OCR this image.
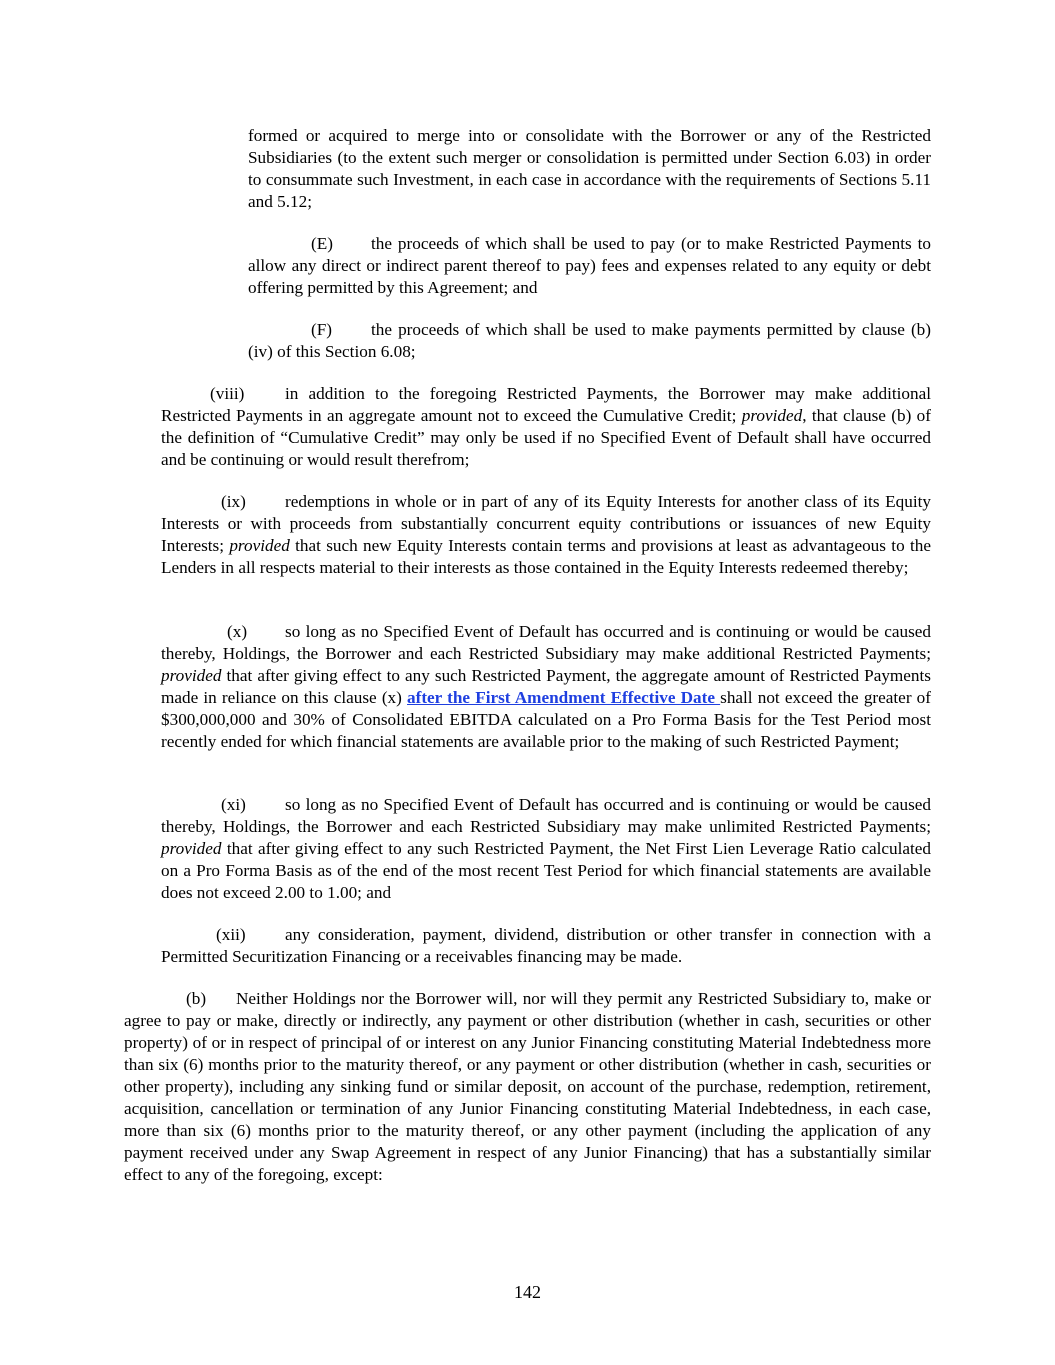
formed or acquired to merge into or consolidate with the Borrower or any of the Restricted Subsidiaries (to the extent such merger or consolidation is permitted under Section 6.03) in order to consummate such Investment, in each case in accordance with the requirements of Sections 5.11 and 5.12;

(E) the proceeds of which shall be used to pay (or to make Restricted Payments to allow any direct or indirect parent thereof to pay) fees and expenses related to any equity or debt offering permitted by this Agreement; and

(F) the proceeds of which shall be used to make payments permitted by clause (b)(iv) of this Section 6.08;

(viii) in addition to the foregoing Restricted Payments, the Borrower may make additional Restricted Payments in an aggregate amount not to exceed the Cumulative Credit; provided, that clause (b) of the definition of “Cumulative Credit” may only be used if no Specified Event of Default shall have occurred and be continuing or would result therefrom;

(ix) redemptions in whole or in part of any of its Equity Interests for another class of its Equity Interests or with proceeds from substantially concurrent equity contributions or issuances of new Equity Interests; provided that such new Equity Interests contain terms and provisions at least as advantageous to the Lenders in all respects material to their interests as those contained in the Equity Interests redeemed thereby;

(x) so long as no Specified Event of Default has occurred and is continuing or would be caused thereby, Holdings, the Borrower and each Restricted Subsidiary may make additional Restricted Payments; provided that after giving effect to any such Restricted Payment, the aggregate amount of Restricted Payments made in reliance on this clause (x) after the First Amendment Effective Date shall not exceed the greater of $300,000,000 and 30% of Consolidated EBITDA calculated on a Pro Forma Basis for the Test Period most recently ended for which financial statements are available prior to the making of such Restricted Payment;

(xi) so long as no Specified Event of Default has occurred and is continuing or would be caused thereby, Holdings, the Borrower and each Restricted Subsidiary may make unlimited Restricted Payments; provided that after giving effect to any such Restricted Payment, the Net First Lien Leverage Ratio calculated on a Pro Forma Basis as of the end of the most recent Test Period for which financial statements are available does not exceed 2.00 to 1.00; and

(xii) any consideration, payment, dividend, distribution or other transfer in connection with a Permitted Securitization Financing or a receivables financing may be made.

(b) Neither Holdings nor the Borrower will, nor will they permit any Restricted Subsidiary to, make or agree to pay or make, directly or indirectly, any payment or other distribution (whether in cash, securities or other property) of or in respect of principal of or interest on any Junior Financing constituting Material Indebtedness more than six (6) months prior to the maturity thereof, or any payment or other distribution (whether in cash, securities or other property), including any sinking fund or similar deposit, on account of the purchase, redemption, retirement, acquisition, cancellation or termination of any Junior Financing constituting Material Indebtedness, in each case, more than six (6) months prior to the maturity thereof, or any other payment (including the application of any payment received under any Swap Agreement in respect of any Junior Financing) that has a substantially similar effect to any of the foregoing, except:

142
